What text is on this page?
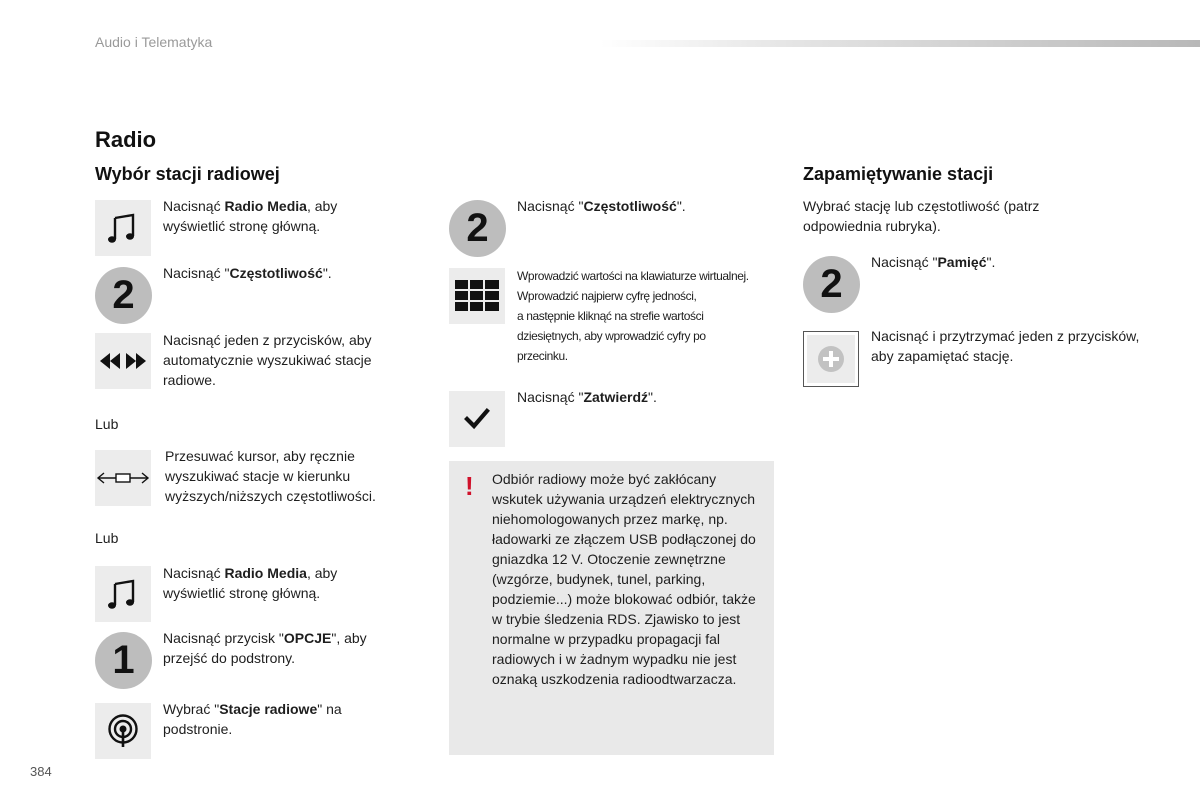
Audio i Telematyka
Radio
Wybór stacji radiowej
Nacisnąć Radio Media, aby wyświetlić stronę główną.
2	Nacisnąć "Częstotliwość".
Nacisnąć jeden z przycisków, aby automatycznie wyszukiwać stacje radiowe.
Lub
Przesuwać kursor, aby ręcznie wyszukiwać stacje w kierunku wyższych/niższych częstotliwości.
Lub
Nacisnąć Radio Media, aby wyświetlić stronę główną.
1	Nacisnąć przycisk "OPCJE", aby przejść do podstrony.
Wybrać "Stacje radiowe" na podstronie.
2	Nacisnąć "Częstotliwość".
Wprowadzić wartości na klawiaturze wirtualnej.
Wprowadzić najpierw cyfrę jedności,
a następnie kliknąć na strefie wartości
dziesiętnych, aby wprowadzić cyfry po
przecinku.
Nacisnąć "Zatwierdź".
! Odbiór radiowy może być zakłócany wskutek używania urządzeń elektrycznych niehomologowanych przez markę, np. ładowarki ze złączem USB podłączonej do gniazdka 12 V. Otoczenie zewnętrzne (wzgórze, budynek, tunel, parking, podziemie...) może blokować odbiór, także w trybie śledzenia RDS. Zjawisko to jest normalne w przypadku propagacji fal radiowych i w żadnym wypadku nie jest oznaką uszkodzenia radioodtwarzacza.
Zapamiętywanie stacji
Wybrać stację lub częstotliwość (patrz odpowiednia rubryka).
2	Nacisnąć "Pamięć".
Nacisnąć i przytrzymać jeden z przycisków, aby zapamiętać stację.
384
